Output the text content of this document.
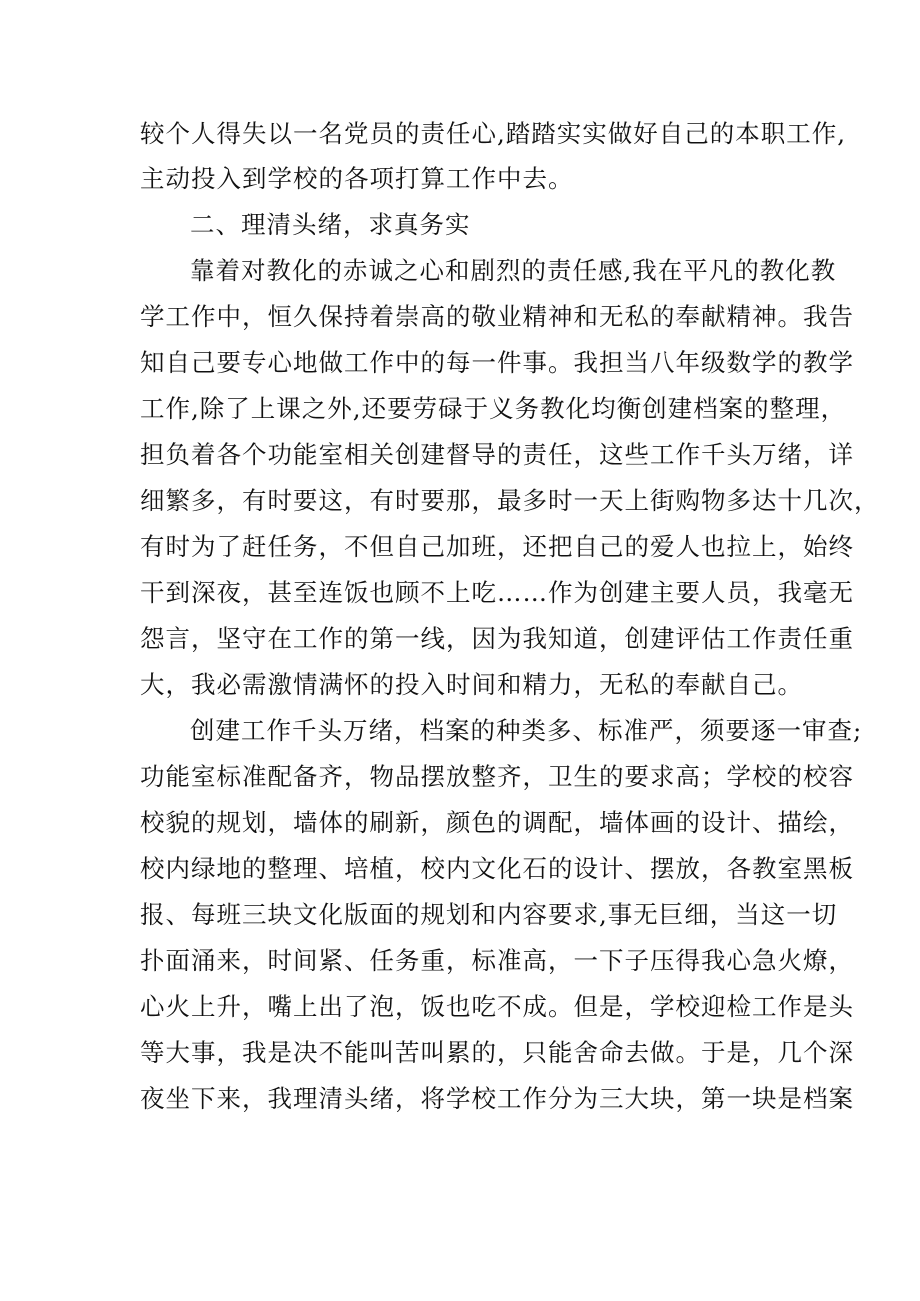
较个人得失以一名党员的责任心,踏踏实实做好自己的本职工作,
主动投入到学校的各项打算工作中去。
二、理清头绪，求真务实
靠着对教化的赤诚之心和剧烈的责任感,我在平凡的教化教
学工作中，恒久保持着崇高的敬业精神和无私的奉献精神。我告
知自己要专心地做工作中的每一件事。我担当八年级数学的教学
工作,除了上课之外,还要劳碌于义务教化均衡创建档案的整理，
担负着各个功能室相关创建督导的责任，这些工作千头万绪，详
细繁多，有时要这，有时要那，最多时一天上街购物多达十几次，
有时为了赶任务，不但自己加班，还把自己的爱人也拉上，始终
干到深夜，甚至连饭也顾不上吃……作为创建主要人员，我毫无
怨言，坚守在工作的第一线，因为我知道，创建评估工作责任重
大，我必需激情满怀的投入时间和精力，无私的奉献自己。
创建工作千头万绪，档案的种类多、标准严，须要逐一审查;
功能室标准配备齐，物品摆放整齐，卫生的要求高；学校的校容
校貌的规划，墙体的刷新，颜色的调配，墙体画的设计、描绘，
校内绿地的整理、培植，校内文化石的设计、摆放，各教室黑板
报、每班三块文化版面的规划和内容要求,事无巨细，当这一切
扑面涌来，时间紧、任务重，标准高，一下子压得我心急火燎，
心火上升，嘴上出了泡，饭也吃不成。但是，学校迎检工作是头
等大事，我是决不能叫苦叫累的，只能舍命去做。于是，几个深
夜坐下来，我理清头绪，将学校工作分为三大块，第一块是档案
